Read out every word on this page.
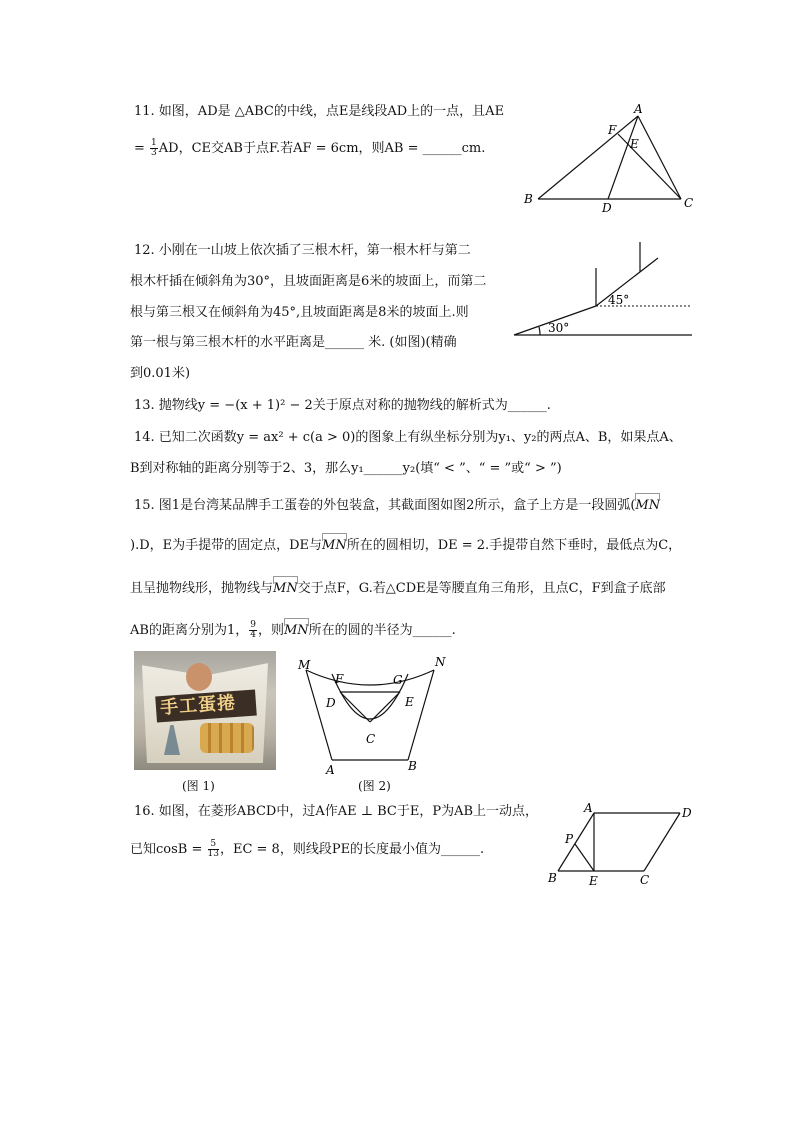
11. 如图，AD是 △ABC的中线，点E是线段AD上的一点，且AE
= $\frac{1}{3}$ AD，CE交AB于点F.若AF = 6cm，则AB = ______cm.
A
B	C
D
E
F
12. 小刚在一山坡上依次插了三根木杆，第一根木杆与第二
根木杆插在倾斜角为30°，且坡面距离是6米的坡面上，而第二
根与第三根又在倾斜角为45°,且坡面距离是8米的坡面上.则
第一根与第三根木杆的水平距离是______ 米. (如图)(精确
到0.01米)
30°
45°
13. 抛物线y = −(x + 1)² − 2关于原点对称的抛物线的解析式为______.
14. 已知二次函数y = ax² + c(a > 0)的图象上有纵坐标分别为y₁、y₂的两点A、B，如果点A、
B到对称轴的距离分别等于2、3，那么y₁______y₂(填“ < ”、“ = ”或“ > ”)
15. 图1是台湾某品牌手工蛋卷的外包装盒，其截面图如图2所示，盒子上方是一段圆弧(MN
).D，E为手提带的固定点，DE与MN所在的圆相切，DE = 2.手提带自然下垂时，最低点为C，
且呈抛物线形，抛物线与MN交于点F，G.若△CDE是等腰直角三角形，且点C，F到盒子底部
AB的距离分别为1， $\frac{9}{4}$ ，则MN所在的圆的半径为______.
手工蛋捲
(图 1)
M	N
F	G
D	E
C
A	B
(图 2)
16. 如图，在菱形ABCD中，过A作AE ⊥ BC于E，P为AB上一动点，
已知$\cos B = \frac{5}{13}$ ，EC = 8，则线段PE的长度最小值为______.
A	D
B	E	C
P
